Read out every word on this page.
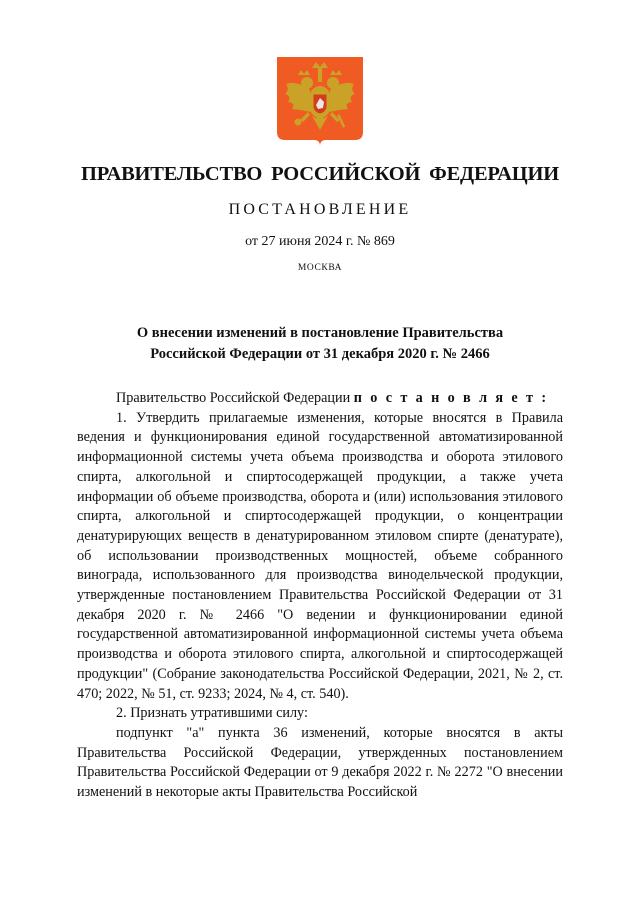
ПРАВИТЕЛЬСТВО РОССИЙСКОЙ ФЕДЕРАЦИИ
ПОСТАНОВЛЕНИЕ
от 27 июня 2024 г. № 869
МОСКВА
О внесении изменений в постановление Правительства
Российской Федерации от 31 декабря 2020 г. № 2466

Правительство Российской Федерации п о с т а н о в л я е т :

1. Утвердить прилагаемые изменения, которые вносятся в Правила ведения и функционирования единой государственной автоматизированной информационной системы учета объема производства и оборота этилового спирта, алкогольной и спиртосодержащей продукции, а также учета информации об объеме производства, оборота и (или) использования этилового спирта, алкогольной и спиртосодержащей продукции, о концентрации денатурирующих веществ в денатурированном этиловом спирте (денатурате), об использовании производственных мощностей, объеме собранного винограда, использованного для производства винодельческой продукции, утвержденные постановлением Правительства Российской Федерации от 31 декабря 2020 г. № 2466 "О ведении и функционировании единой государственной автоматизированной информационной системы учета объема производства и оборота этилового спирта, алкогольной и спиртосодержащей продукции" (Собрание законодательства Российской Федерации, 2021, № 2, ст. 470; 2022, № 51, ст. 9233; 2024, № 4, ст. 540).

2. Признать утратившими силу:

подпункт "а" пункта 36 изменений, которые вносятся в акты Правительства Российской Федерации, утвержденных постановлением Правительства Российской Федерации от 9 декабря 2022 г. № 2272 "О внесении изменений в некоторые акты Правительства Российской
